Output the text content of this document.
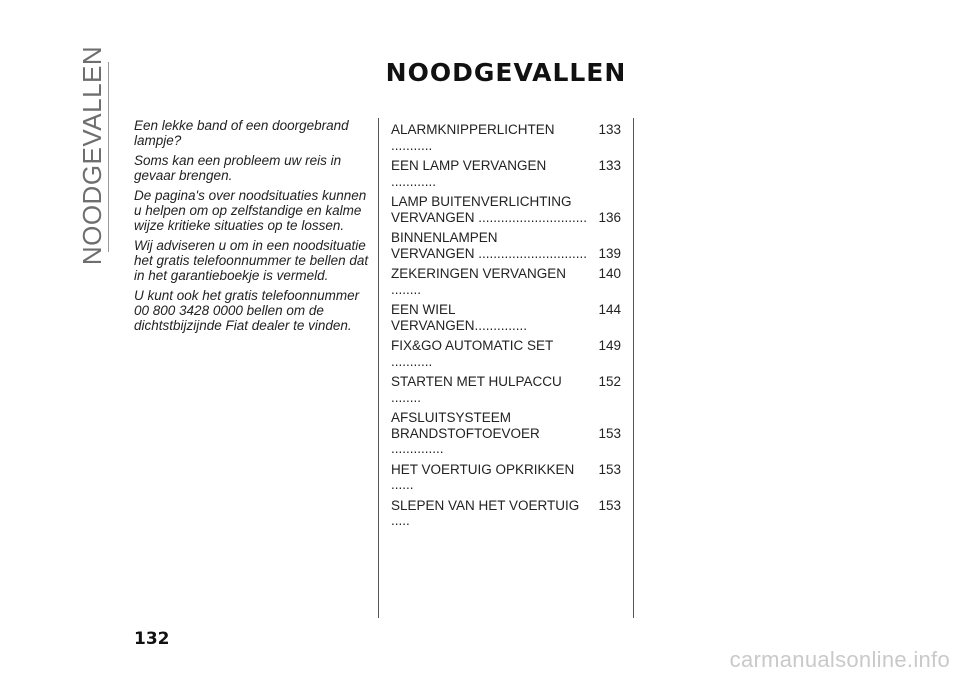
NOODGEVALLEN	NOODGEVALLEN

Een lekke band of een doorgebrand lampje?

Soms kan een probleem uw reis in gevaar brengen.

De pagina's over noodsituaties kunnen u helpen om op zelfstandige en kalme wijze kritieke situaties op te lossen.

Wij adviseren u om in een noodsituatie het gratis telefoonnummer te bellen dat in het garantieboekje is vermeld.

U kunt ook het gratis telefoonnummer 00 800 3428 0000 bellen om de dichtstbijzijnde Fiat dealer te vinden.

ALARMKNIPPERLICHTEN ...........
133
EEN LAMP VERVANGEN ............
133
LAMP BUITENVERLICHTING
VERVANGEN ............................. 136
BINNENLAMPEN
VERVANGEN ............................. 139
ZEKERINGEN VERVANGEN ........
140
EEN WIEL VERVANGEN..............
144
FIX&GO AUTOMATIC SET ...........
149
STARTEN MET HULPACCU ........
152
AFSLUITSYSTEEM
BRANDSTOFTOEVOER ..............

153
HET VOERTUIG OPKRIKKEN ......
153
SLEPEN VAN HET VOERTUIG .....
153
132
carmanualsonline.info
